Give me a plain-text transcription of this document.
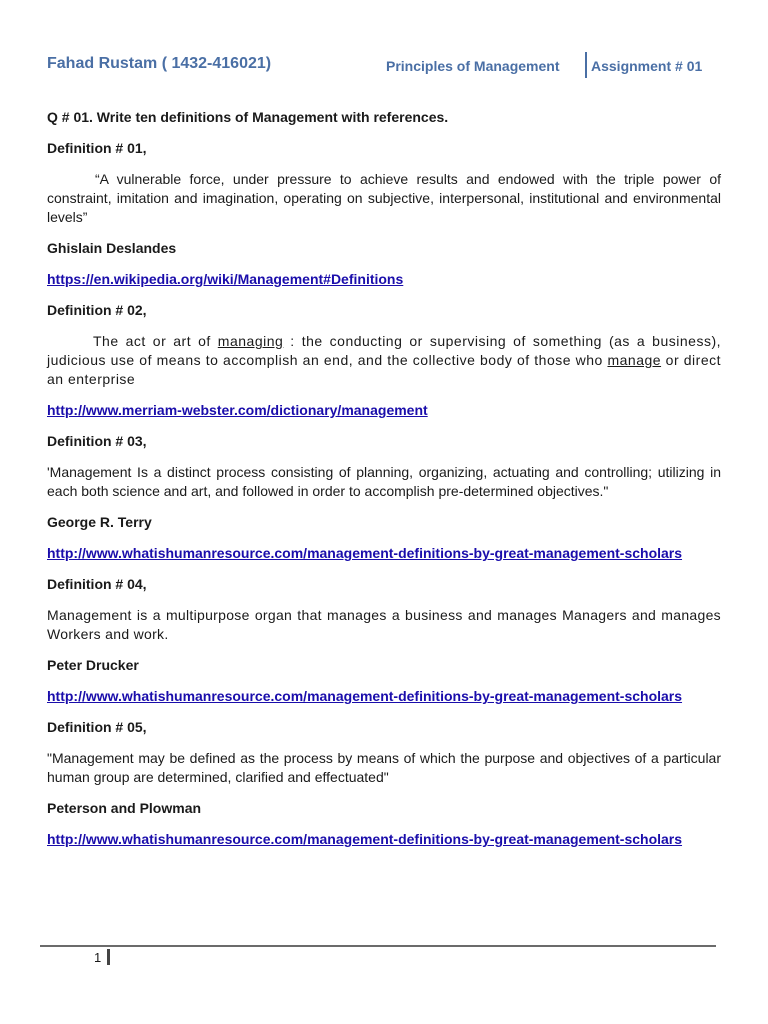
Fahad Rustam ( 1432-416021)	Principles of Management Assignment # 01

Q # 01. Write ten definitions of Management with references.

Definition # 01,

“A vulnerable force, under pressure to achieve results and endowed with the triple power of constraint, imitation and imagination, operating on subjective, interpersonal, institutional and environmental levels”

Ghislain Deslandes

https://en.wikipedia.org/wiki/Management#Definitions

Definition # 02,

The act or art of managing : the conducting or supervising of something (as a business), judicious use of means to accomplish an end, and the collective body of those who manage or direct an enterprise

http://www.merriam-webster.com/dictionary/management

Definition # 03,

'Management Is a distinct process consisting of planning, organizing, actuating and controlling; utilizing in each both science and art, and followed in order to accomplish pre-determined objectives."

George R. Terry

http://www.whatishumanresource.com/management-definitions-by-great-management-scholars

Definition # 04,

Management is a multipurpose organ that manages a business and manages Managers and manages Workers and work.

Peter Drucker

http://www.whatishumanresource.com/management-definitions-by-great-management-scholars

Definition # 05,

"Management may be defined as the process by means of which the purpose and objectives of a particular human group are determined, clarified and effectuated"

Peterson and Plowman

http://www.whatishumanresource.com/management-definitions-by-great-management-scholars

1
